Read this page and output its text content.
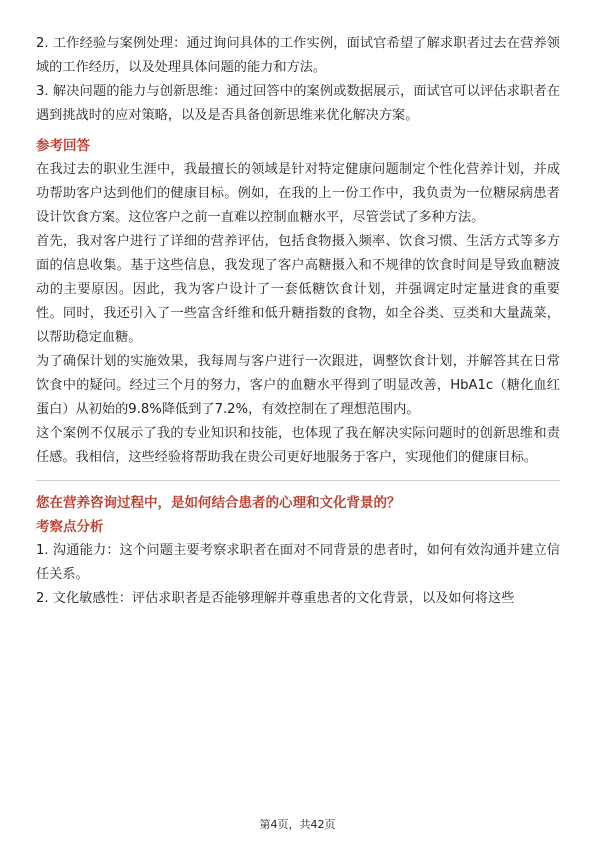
2. 工作经验与案例处理：通过询问具体的工作实例，面试官希望了解求职者过去在营养领域的工作经历，以及处理具体问题的能力和方法。

3. 解决问题的能力与创新思维：通过回答中的案例或数据展示，面试官可以评估求职者在遇到挑战时的应对策略，以及是否具备创新思维来优化解决方案。

参考回答

在我过去的职业生涯中，我最擅长的领域是针对特定健康问题制定个性化营养计划，并成功帮助客户达到他们的健康目标。例如，在我的上一份工作中，我负责为一位糖尿病患者设计饮食方案。这位客户之前一直难以控制血糖水平，尽管尝试了多种方法。

首先，我对客户进行了详细的营养评估，包括食物摄入频率、饮食习惯、生活方式等多方面的信息收集。基于这些信息，我发现了客户高糖摄入和不规律的饮食时间是导致血糖波动的主要原因。因此，我为客户设计了一套低糖饮食计划，并强调定时定量进食的重要性。同时，我还引入了一些富含纤维和低升糖指数的食物，如全谷类、豆类和大量蔬菜，以帮助稳定血糖。

为了确保计划的实施效果，我每周与客户进行一次跟进，调整饮食计划，并解答其在日常饮食中的疑问。经过三个月的努力，客户的血糖水平得到了明显改善，HbA1c（糖化血红蛋白）从初始的9.8%降低到了7.2%，有效控制在了理想范围内。

这个案例不仅展示了我的专业知识和技能，也体现了我在解决实际问题时的创新思维和责任感。我相信，这些经验将帮助我在贵公司更好地服务于客户，实现他们的健康目标。

您在营养咨询过程中，是如何结合患者的心理和文化背景的？
考察点分析

1. 沟通能力：这个问题主要考察求职者在面对不同背景的患者时，如何有效沟通并建立信任关系。

2. 文化敏感性：评估求职者是否能够理解并尊重患者的文化背景，以及如何将这些

第4页，共42页
